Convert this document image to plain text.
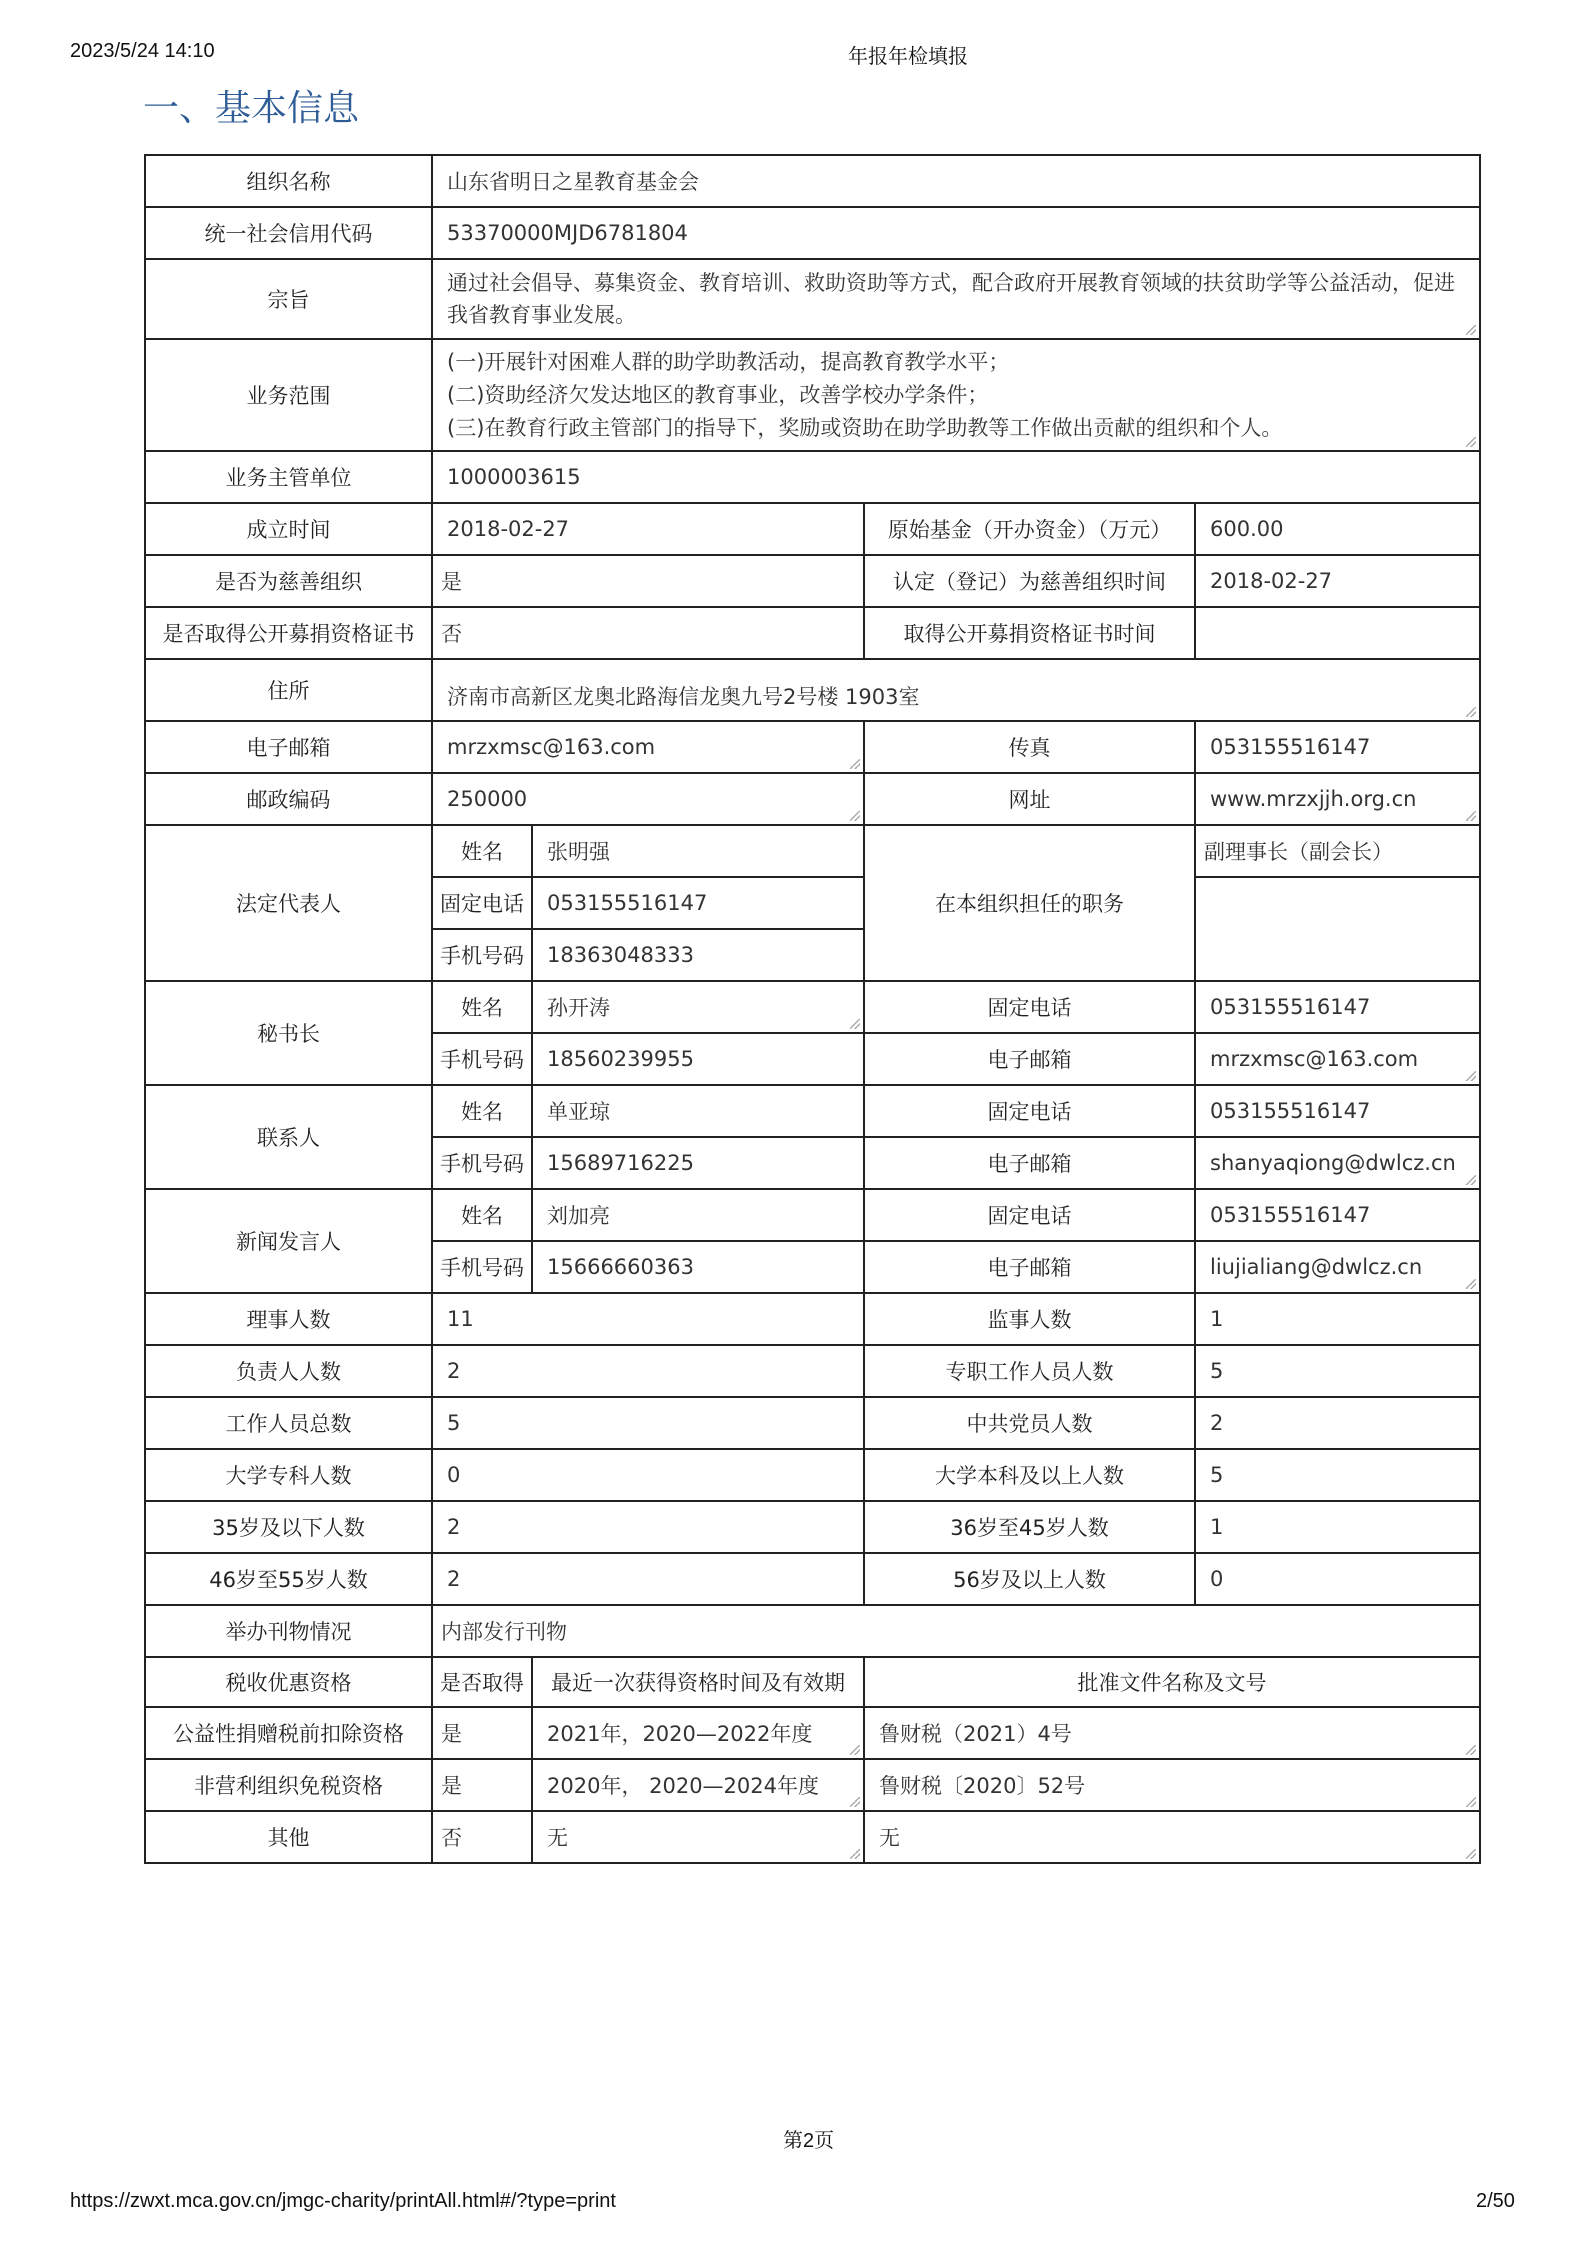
2023/5/24 14:10	年报年检填报
一、基本信息
组织名称	山东省明日之星教育基金会			
统一社会信用代码	53370000MJD6781804			
宗旨	通过社会倡导、募集资金、教育培训、救助资助等方式，配合政府开展教育领域的扶贫助学等公益活动，促进我省教育事业发展。			

业务范围	(一)开展针对困难人群的助学助教活动，提高教育教学水平；
(二)资助经济欠发达地区的教育事业，改善学校办学条件；
(三)在教育行政主管部门的指导下，奖励或资助在助学助教等工作做出贡献的组织和个人。			

业务主管单位	1000003615			
成立时间	2018-02-27		原始基金（开办资金）（万元）	600.00
是否为慈善组织	是		认定（登记）为慈善组织时间	2018-02-27
是否取得公开募捐资格证书	否		取得公开募捐资格证书时间	
住所	济南市高新区龙奥北路海信龙奥九号2号楼 1903室			
电子邮箱	mrzxmsc@163.com		传真	053155516147
邮政编码	250000		网址	www.mrzxjjh.org.cn
法定代表人	姓名	张明强	在本组织担任的职务	副理事长（副会长）
	固定电话	053155516147		
	手机号码	18363048333		
秘书长	姓名	孙开涛	固定电话	053155516147
	手机号码	18560239955	电子邮箱	mrzxmsc@163.com
联系人	姓名	单亚琼	固定电话	053155516147
	手机号码	15689716225	电子邮箱	shanyaqiong@dwlcz.cn
新闻发言人	姓名	刘加亮	固定电话	053155516147
	手机号码	15666660363	电子邮箱	liujialiang@dwlcz.cn
理事人数	11		监事人数	1
负责人人数	2		专职工作人员人数	5
工作人员总数	5		中共党员人数	2
大学专科人数	0		大学本科及以上人数	5
35岁及以下人数	2		36岁至45岁人数	1
46岁至55岁人数	2		56岁及以上人数	0
举办刊物情况	内部发行刊物			
税收优惠资格	是否取得	最近一次获得资格时间及有效期	批准文件名称及文号	
公益性捐赠税前扣除资格	是	2021年，2020—2022年度	鲁财税（2021）4号	
非营利组织免税资格	是	2020年， 2020—2024年度	鲁财税〔2020〕52号	
其他	否	无	无	
第2页
https://zwxt.mca.gov.cn/jmgc-charity/printAll.html#/?type=print	2/50
